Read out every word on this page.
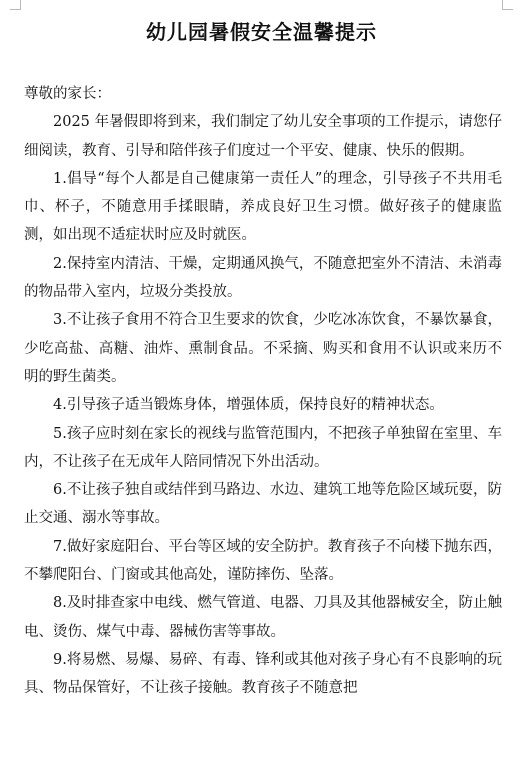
幼儿园暑假安全温馨提示

尊敬的家长：

2025 年暑假即将到来，我们制定了幼儿安全事项的工作提示，请您仔细阅读，教育、引导和陪伴孩子们度过一个平安、健康、快乐的假期。

1.倡导“每个人都是自己健康第一责任人”的理念，引导孩子不共用毛巾、杯子，不随意用手揉眼睛，养成良好卫生习惯。做好孩子的健康监测，如出现不适症状时应及时就医。

2.保持室内清洁、干燥，定期通风换气，不随意把室外不清洁、未消毒的物品带入室内，垃圾分类投放。

3.不让孩子食用不符合卫生要求的饮食，少吃冰冻饮食，不暴饮暴食，少吃高盐、高糖、油炸、熏制食品。不采摘、购买和食用不认识或来历不明的野生菌类。

4.引导孩子适当锻炼身体，增强体质，保持良好的精神状态。

5.孩子应时刻在家长的视线与监管范围内，不把孩子单独留在室里、车内，不让孩子在无成年人陪同情况下外出活动。

6.不让孩子独自或结伴到马路边、水边、建筑工地等危险区域玩耍，防止交通、溺水等事故。

7.做好家庭阳台、平台等区域的安全防护。教育孩子不向楼下抛东西，不攀爬阳台、门窗或其他高处，谨防摔伤、坠落。

8.及时排查家中电线、燃气管道、电器、刀具及其他器械安全，防止触电、烫伤、煤气中毒、器械伤害等事故。

9.将易燃、易爆、易碎、有毒、锋利或其他对孩子身心有不良影响的玩具、物品保管好，不让孩子接触。教育孩子不随意把
